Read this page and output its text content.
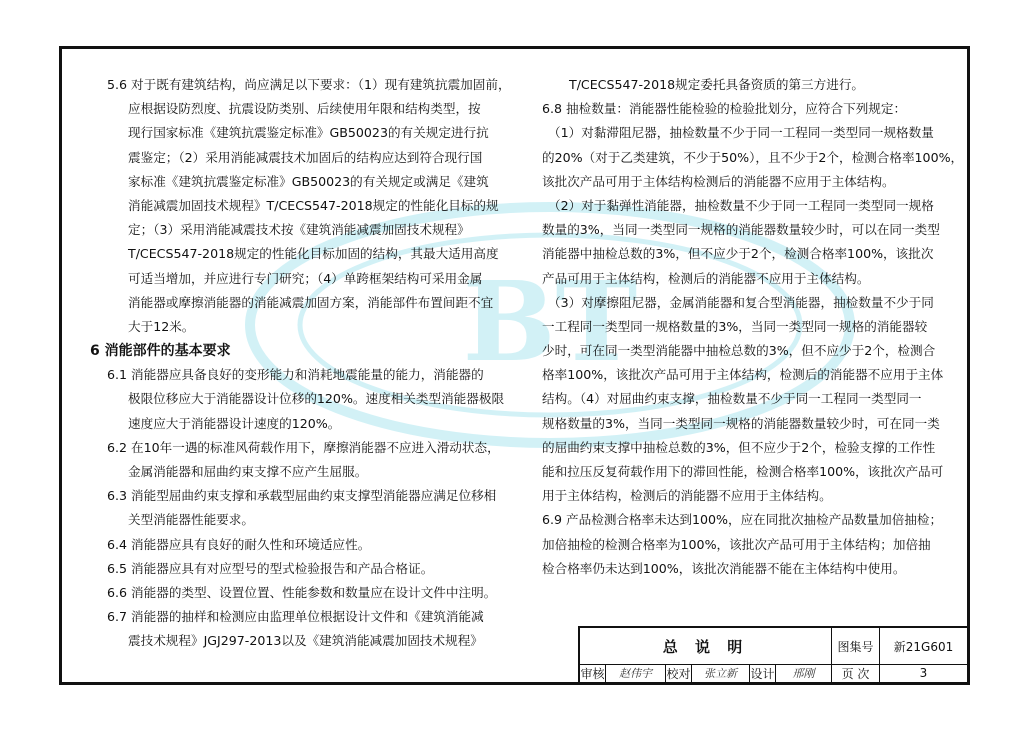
BT
5.6 对于既有建筑结构，尚应满足以下要求：（1）现有建筑抗震加固前，
应根据设防烈度、抗震设防类别、后续使用年限和结构类型，按
现行国家标准《建筑抗震鉴定标准》GB50023的有关规定进行抗
震鉴定；（2）采用消能减震技术加固后的结构应达到符合现行国
家标准《建筑抗震鉴定标准》GB50023的有关规定或满足《建筑
消能减震加固技术规程》T/CECS547-2018规定的性能化目标的规
定；（3）采用消能减震技术按《建筑消能减震加固技术规程》
T/CECS547-2018规定的性能化目标加固的结构，其最大适用高度
可适当增加，并应进行专门研究；（4）单跨框架结构可采用金属
消能器或摩擦消能器的消能减震加固方案，消能部件布置间距不宜
大于12米。
6 消能部件的基本要求
6.1 消能器应具备良好的变形能力和消耗地震能量的能力，消能器的
极限位移应大于消能器设计位移的120%。速度相关类型消能器极限
速度应大于消能器设计速度的120%。
6.2 在10年一遇的标准风荷载作用下，摩擦消能器不应进入滑动状态，
金属消能器和屈曲约束支撑不应产生屈服。
6.3 消能型屈曲约束支撑和承载型屈曲约束支撑型消能器应满足位移相
关型消能器性能要求。
6.4 消能器应具有良好的耐久性和环境适应性。
6.5 消能器应具有对应型号的型式检验报告和产品合格证。
6.6 消能器的类型、设置位置、性能参数和数量应在设计文件中注明。
6.7 消能器的抽样和检测应由监理单位根据设计文件和《建筑消能减
震技术规程》JGJ297-2013以及《建筑消能减震加固技术规程》
T/CECS547-2018规定委托具备资质的第三方进行。
6.8 抽检数量：消能器性能检验的检验批划分，应符合下列规定：
（1）对黏滞阻尼器，抽检数量不少于同一工程同一类型同一规格数量
的20%（对于乙类建筑，不少于50%），且不少于2个，检测合格率100%，
该批次产品可用于主体结构检测后的消能器不应用于主体结构。
（2）对于黏弹性消能器，抽检数量不少于同一工程同一类型同一规格
数量的3%，当同一类型同一规格的消能器数量较少时，可以在同一类型
消能器中抽检总数的3%，但不应少于2个，检测合格率100%，该批次
产品可用于主体结构，检测后的消能器不应用于主体结构。
（3）对摩擦阻尼器，金属消能器和复合型消能器，抽检数量不少于同
一工程同一类型同一规格数量的3%，当同一类型同一规格的消能器较
少时，可在同一类型消能器中抽检总数的3%，但不应少于2个，检测合
格率100%，该批次产品可用于主体结构，检测后的消能器不应用于主体
结构。（4）对屈曲约束支撑，抽检数量不少于同一工程同一类型同一
规格数量的3%，当同一类型同一规格的消能器数量较少时，可在同一类
的屈曲约束支撑中抽检总数的3%，但不应少于2个，检验支撑的工作性
能和拉压反复荷载作用下的滞回性能，检测合格率100%，该批次产品可
用于主体结构，检测后的消能器不应用于主体结构。
6.9 产品检测合格率未达到100%，应在同批次抽检产品数量加倍抽检；
加倍抽检的检测合格率为100%，该批次产品可用于主体结构；加倍抽
检合格率仍未达到100%，该批次消能器不能在主体结构中使用。
总 说 明	图集号	新21G601
审核	赵伟宇	校对	张立新	设计	邢刚	页 次	3
